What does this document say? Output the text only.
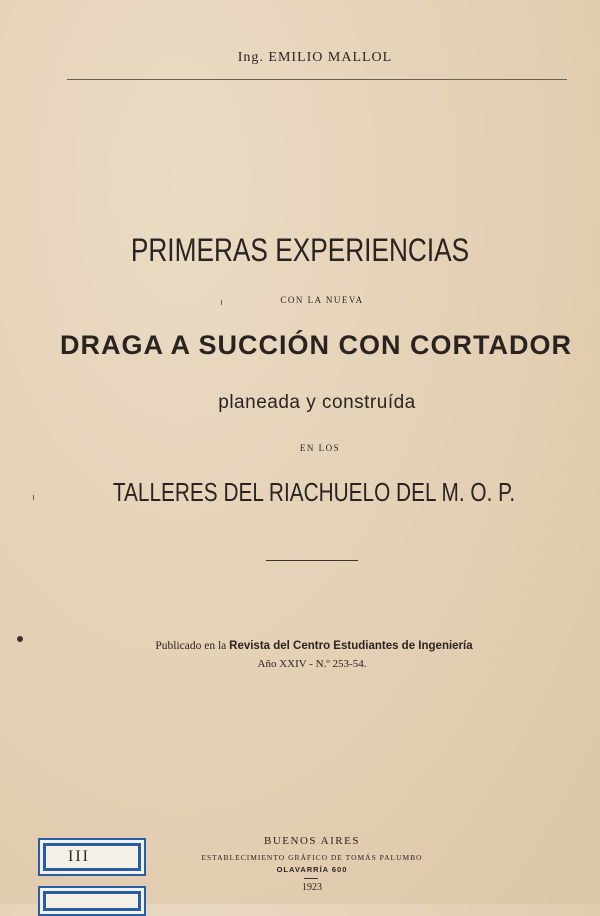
Ing. EMILIO MALLOL
PRIMERAS EXPERIENCIAS
CON LA NUEVA
DRAGA A SUCCIÓN CON CORTADOR
planeada y construída
EN LOS
TALLERES DEL RIACHUELO DEL M. O. P.
Publicado en la Revista del Centro Estudiantes de Ingeniería
Año XXIV - N.º 253-54.
BUENOS AIRES
ESTABLECIMIENTO GRÁFICO DE TOMÁS PALUMBO
OLAVARRÍA 600
1923
III
